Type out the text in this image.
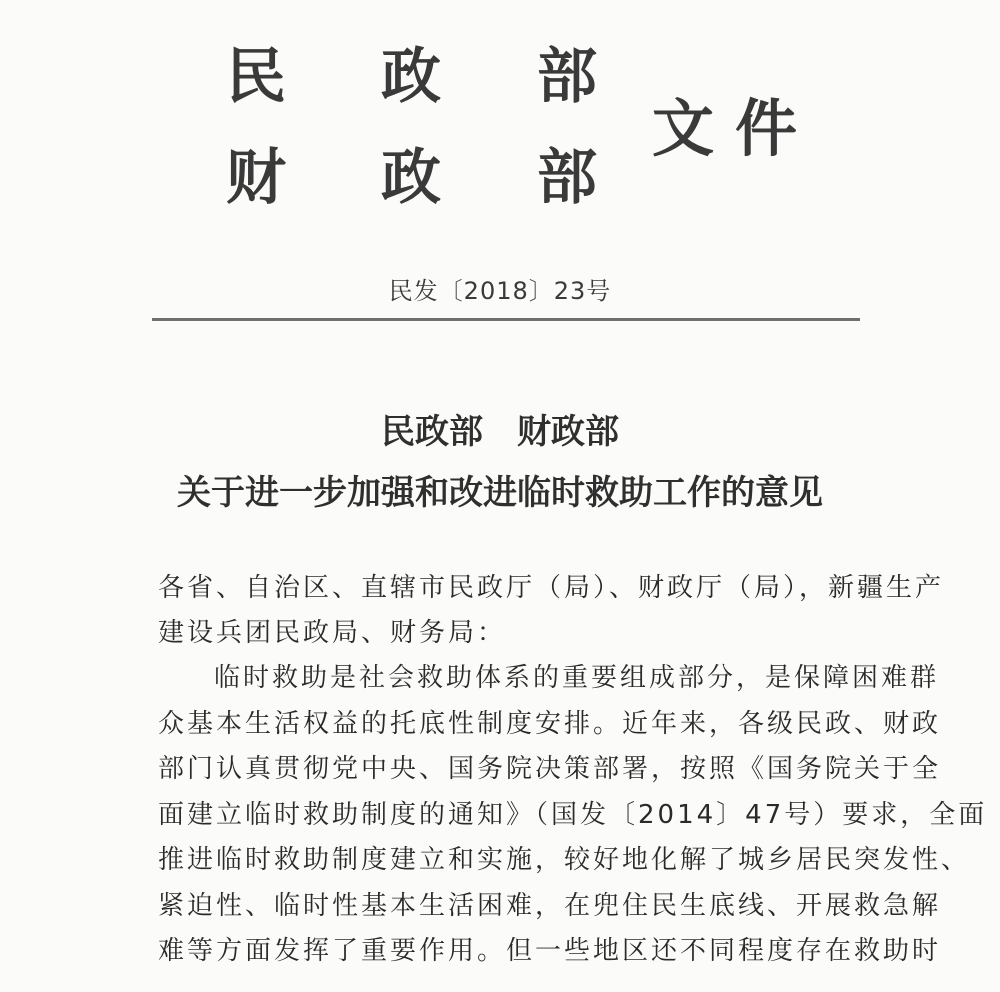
民 政 部
财 政 部
文 件
民发〔2018〕23号
民政部　财政部
关于进一步加强和改进临时救助工作的意见
各省、自治区、直辖市民政厅（局）、财政厅（局），新疆生产
建设兵团民政局、财务局：
临时救助是社会救助体系的重要组成部分，是保障困难群
众基本生活权益的托底性制度安排。近年来，各级民政、财政
部门认真贯彻党中央、国务院决策部署，按照《国务院关于全
面建立临时救助制度的通知》（国发〔2014〕47号）要求，全面
推进临时救助制度建立和实施，较好地化解了城乡居民突发性、
紧迫性、临时性基本生活困难，在兜住民生底线、开展救急解
难等方面发挥了重要作用。但一些地区还不同程度存在救助时
